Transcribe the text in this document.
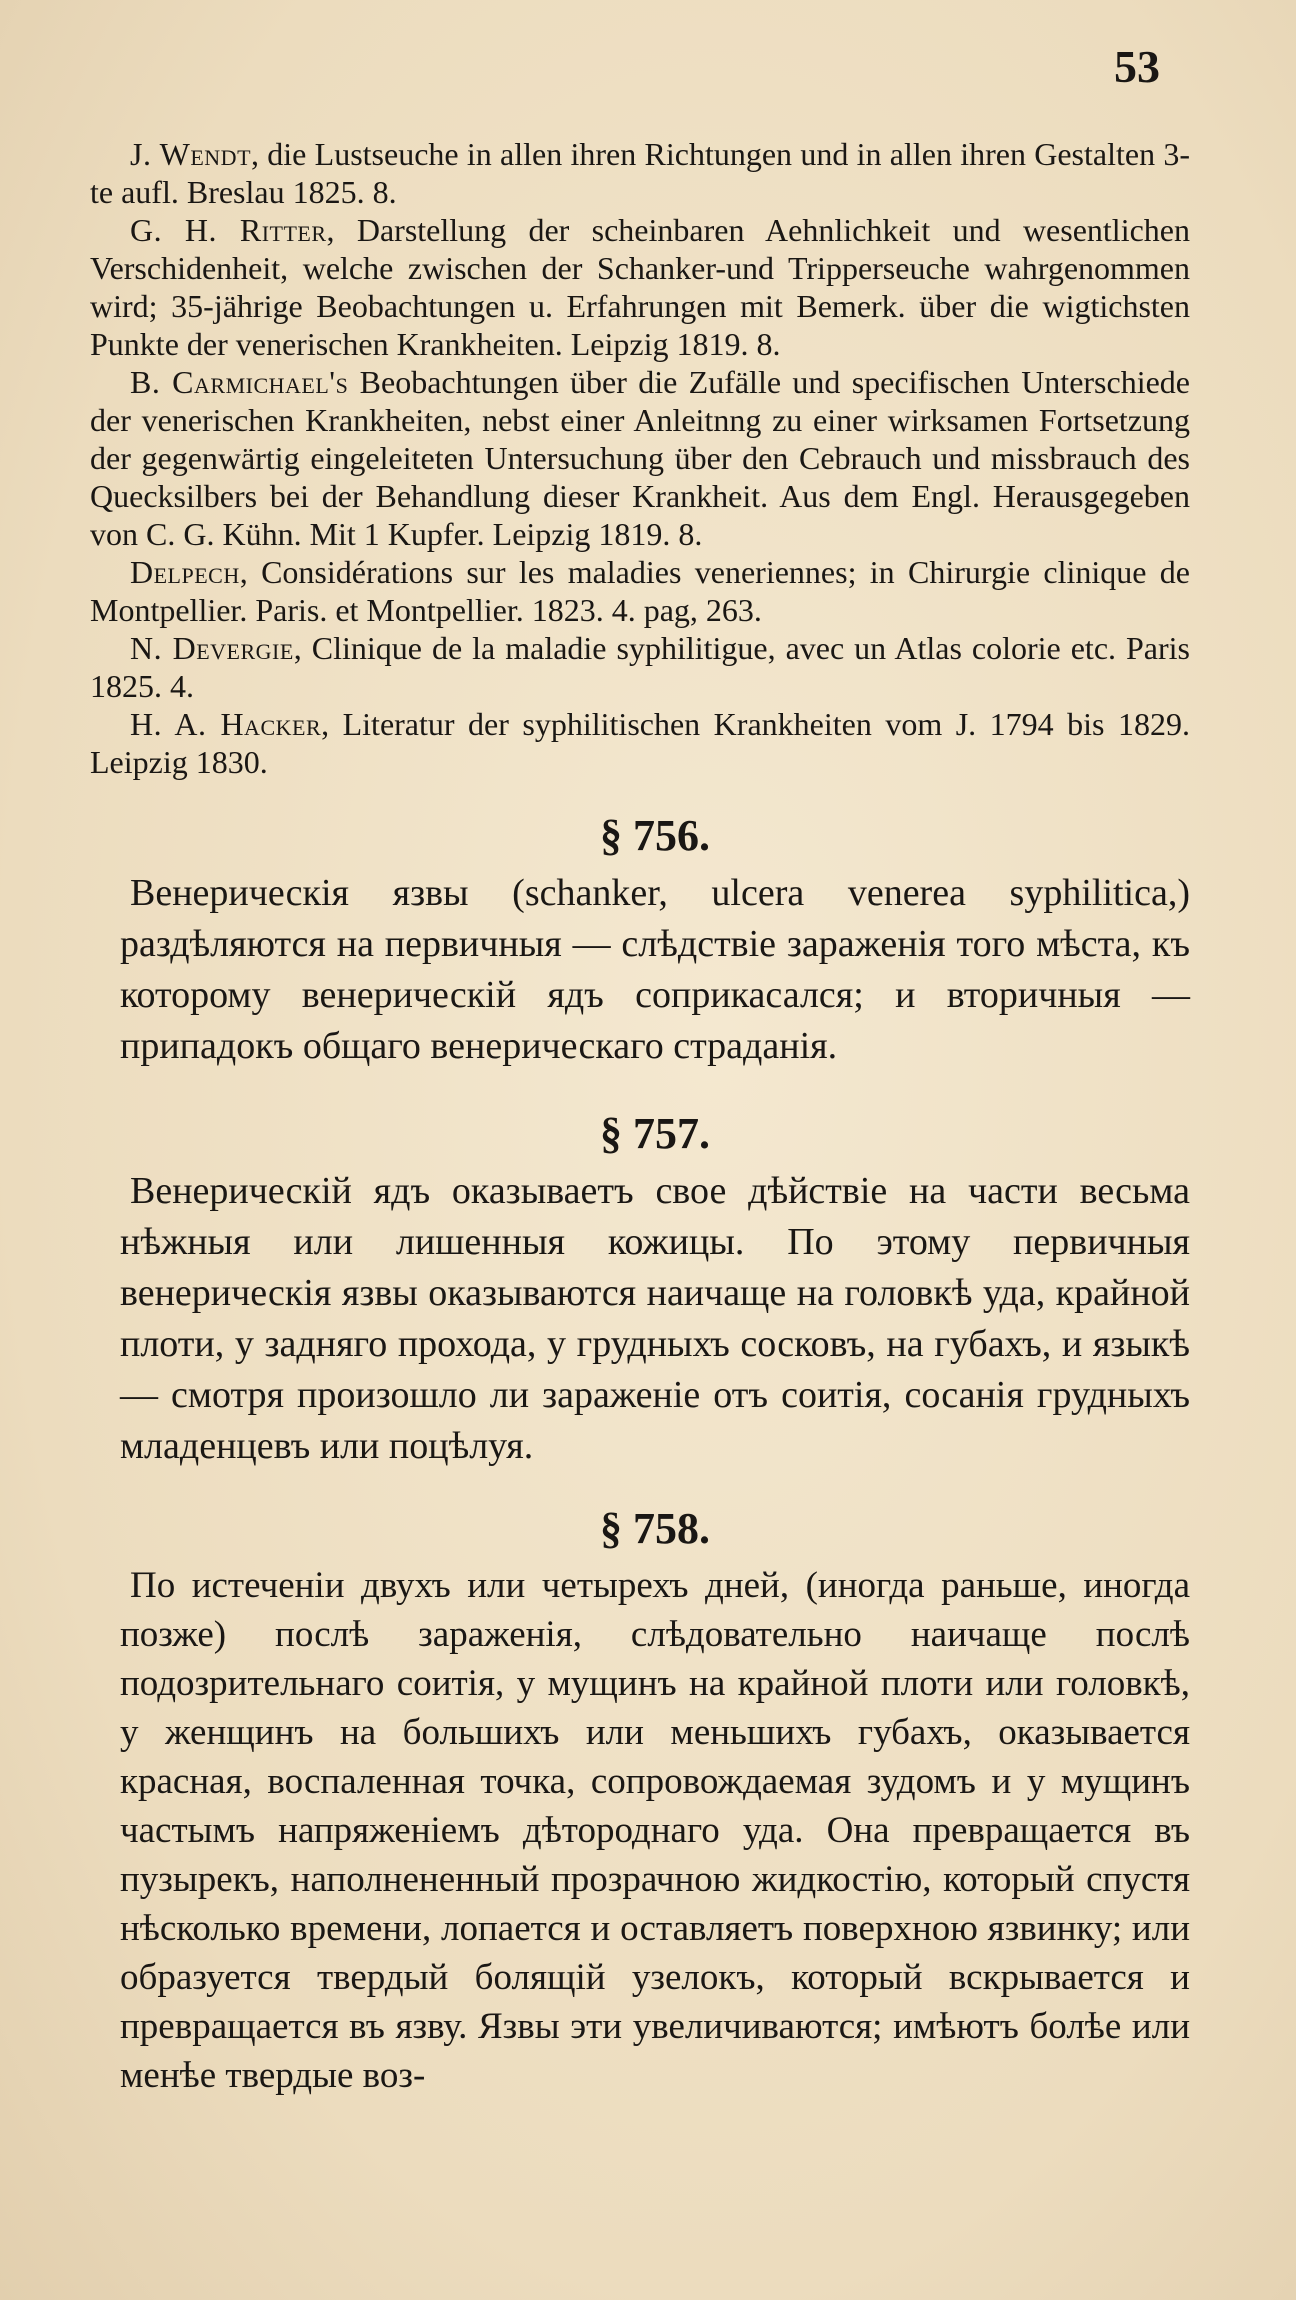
53

J. Wendt, die Lustseuche in allen ihren Richtungen und in allen ihren Gestalten 3-te aufl. Breslau 1825. 8.

G. H. Ritter, Darstellung der scheinbaren Aehnlichkeit und wesentlichen Verschidenheit, welche zwischen der Schanker-und Tripperseuche wahrgenommen wird; 35-jährige Beobachtungen u. Erfahrungen mit Bemerk. über die wigtichsten Punkte der venerischen Krankheiten. Leipzig 1819. 8.

B. Carmichael's Beobachtungen über die Zufälle und specifischen Unterschiede der venerischen Krankheiten, nebst einer Anleitnng zu einer wirksamen Fortsetzung der gegenwärtig eingeleiteten Untersuchung über den Cebrauch und missbrauch des Quecksilbers bei der Behandlung dieser Krankheit. Aus dem Engl. Herausgegeben von C. G. Kühn. Mit 1 Kupfer. Leipzig 1819. 8.

Delpech, Considérations sur les maladies veneriennes; in Chirurgie clinique de Montpellier. Paris. et Montpellier. 1823. 4. pag, 263.

N. Devergie, Clinique de la maladie syphilitigue, avec un Atlas colorie etc. Paris 1825. 4.

H. A. Hacker, Literatur der syphilitischen Krankheiten vom J. 1794 bis 1829. Leipzig 1830.

§ 756.

Венерическія язвы (schanker, ulcera venerea syphilitica,) раздѣляются на первичныя — слѣдствіе зараженія того мѣста, къ которому венерическій ядъ соприкасался; и вторичныя — припадокъ общаго венерическаго страданія.

§ 757.

Венерическій ядъ оказываетъ свое дѣйствіе на части весьма нѣжныя или лишенныя кожицы. По этому первичныя венерическія язвы оказываются наичаще на головкѣ уда, крайной плоти, у задняго прохода, у грудныхъ сосковъ, на губахъ, и языкѣ — смотря произошло ли зараженіе отъ соитія, сосанія грудныхъ младенцевъ или поцѣлуя.

§ 758.

По истеченіи двухъ или четырехъ дней, (иногда раньше, иногда позже) послѣ зараженія, слѣдовательно наичаще послѣ подозрительнаго соитія, у мущинъ на крайной плоти или головкѣ, у женщинъ на большихъ или меньшихъ губахъ, оказывается красная, воспаленная точка, сопровождаемая зудомъ и у мущинъ частымъ напряженіемъ дѣтороднаго уда. Она превращается въ пузырекъ, наполнененный прозрачною жидкостію, который спустя нѣсколько времени, лопается и оставляетъ поверхною язвинку; или образуется твердый болящій узелокъ, который вскрывается и превращается въ язву. Язвы эти увеличиваются; имѣютъ болѣе или менѣе твердые воз-
